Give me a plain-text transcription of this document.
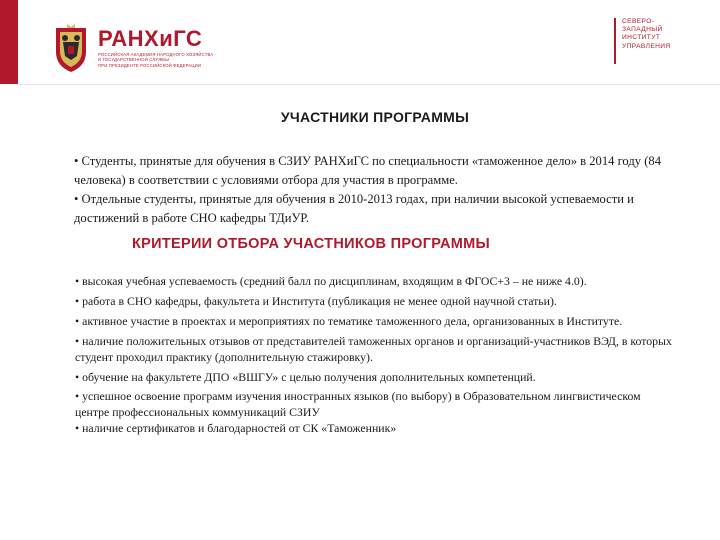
РАНХиГС
РОССИЙСКАЯ АКАДЕМИЯ НАРОДНОГО ХОЗЯЙСТВА
И ГОСУДАРСТВЕННОЙ СЛУЖБЫ
ПРИ ПРЕЗИДЕНТЕ РОССИЙСКОЙ ФЕДЕРАЦИИ
СЕВЕРО-
ЗАПАДНЫЙ
ИНСТИТУТ
УПРАВЛЕНИЯ
УЧАСТНИКИ ПРОГРАММЫ

• Студенты, принятые для обучения в СЗИУ РАНХиГС по специальности «таможенное дело» в 2014 году (84 человека) в соответствии с условиями отбора для участия в программе.

• Отдельные студенты, принятые для обучения в 2010-2013 годах, при наличии высокой успеваемости и достижений в работе СНО кафедры ТДиУР.

КРИТЕРИИ ОТБОРА УЧАСТНИКОВ ПРОГРАММЫ

• высокая учебная успеваемость (средний балл по дисциплинам, входящим в ФГОС+3 – не ниже 4.0).

• работа в СНО кафедры, факультета и Института (публикация не менее одной научной статьи).

• активное участие в проектах и мероприятиях по тематике таможенного дела, организованных в Институте.

• наличие положительных отзывов от представителей таможенных органов и организаций-участников ВЭД, в которых студент проходил практику (дополнительную стажировку).

• обучение на факультете ДПО «ВШГУ» с целью получения дополнительных компетенций.

• успешное освоение программ изучения иностранных языков (по выбору) в Образовательном лингвистическом центре профессиональных коммуникаций СЗИУ

• наличие сертификатов и благодарностей от СК «Таможенник»
